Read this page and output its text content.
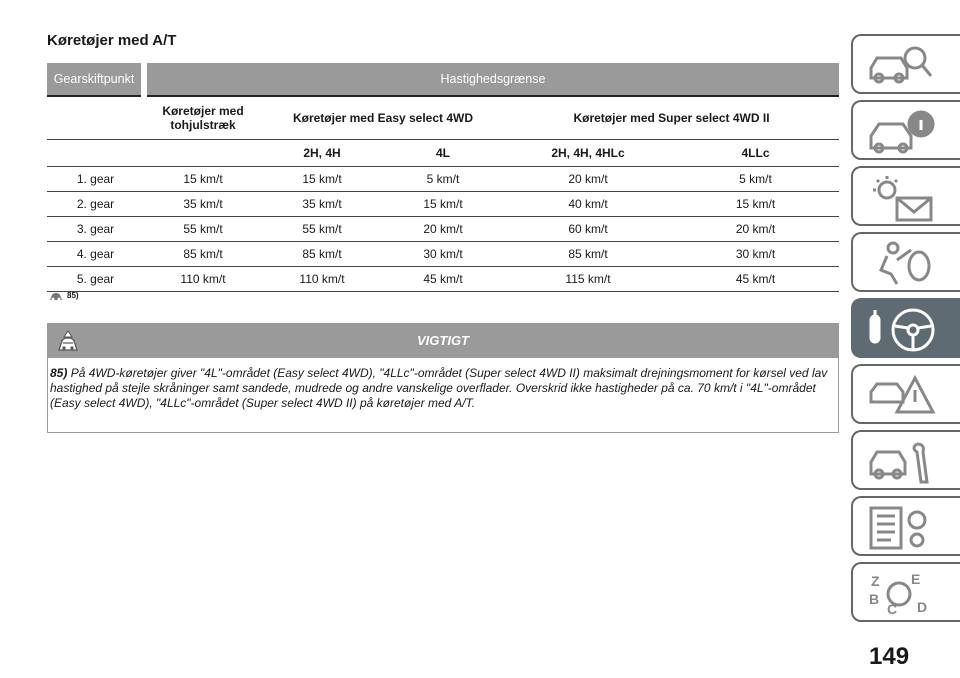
Køretøjer med A/T
Gearskiftpunkt	Hastighedsgrænse				
	Køretøjer med tohjulstræk	Køretøjer med Easy select 4WD		Køretøjer med Super select 4WD II	
		2H, 4H	4L	2H, 4H, 4HLc	4LLc
1. gear	15 km/t	15 km/t	5 km/t	20 km/t	5 km/t
2. gear	35 km/t	35 km/t	15 km/t	40 km/t	15 km/t
3. gear	55 km/t	55 km/t	20 km/t	60 km/t	20 km/t
4. gear	85 km/t	85 km/t	30 km/t	85 km/t	30 km/t
5. gear	110 km/t	110 km/t	45 km/t	115 km/t	45 km/t
85)
VIGTIGT
85) På 4WD-køretøjer giver "4L"-området (Easy select 4WD), "4LLc"-området (Super select 4WD II) maksimalt drejningsmoment for kørsel ved lav hastighed på stejle skråninger samt sandede, mudrede og andre vanskelige overflader. Overskrid ikke hastigheder på ca. 70 km/t i "4L"-området (Easy select 4WD), "4LLc"-området (Super select 4WD II) på køretøjer med A/T.
Z E
B	D
C
149
